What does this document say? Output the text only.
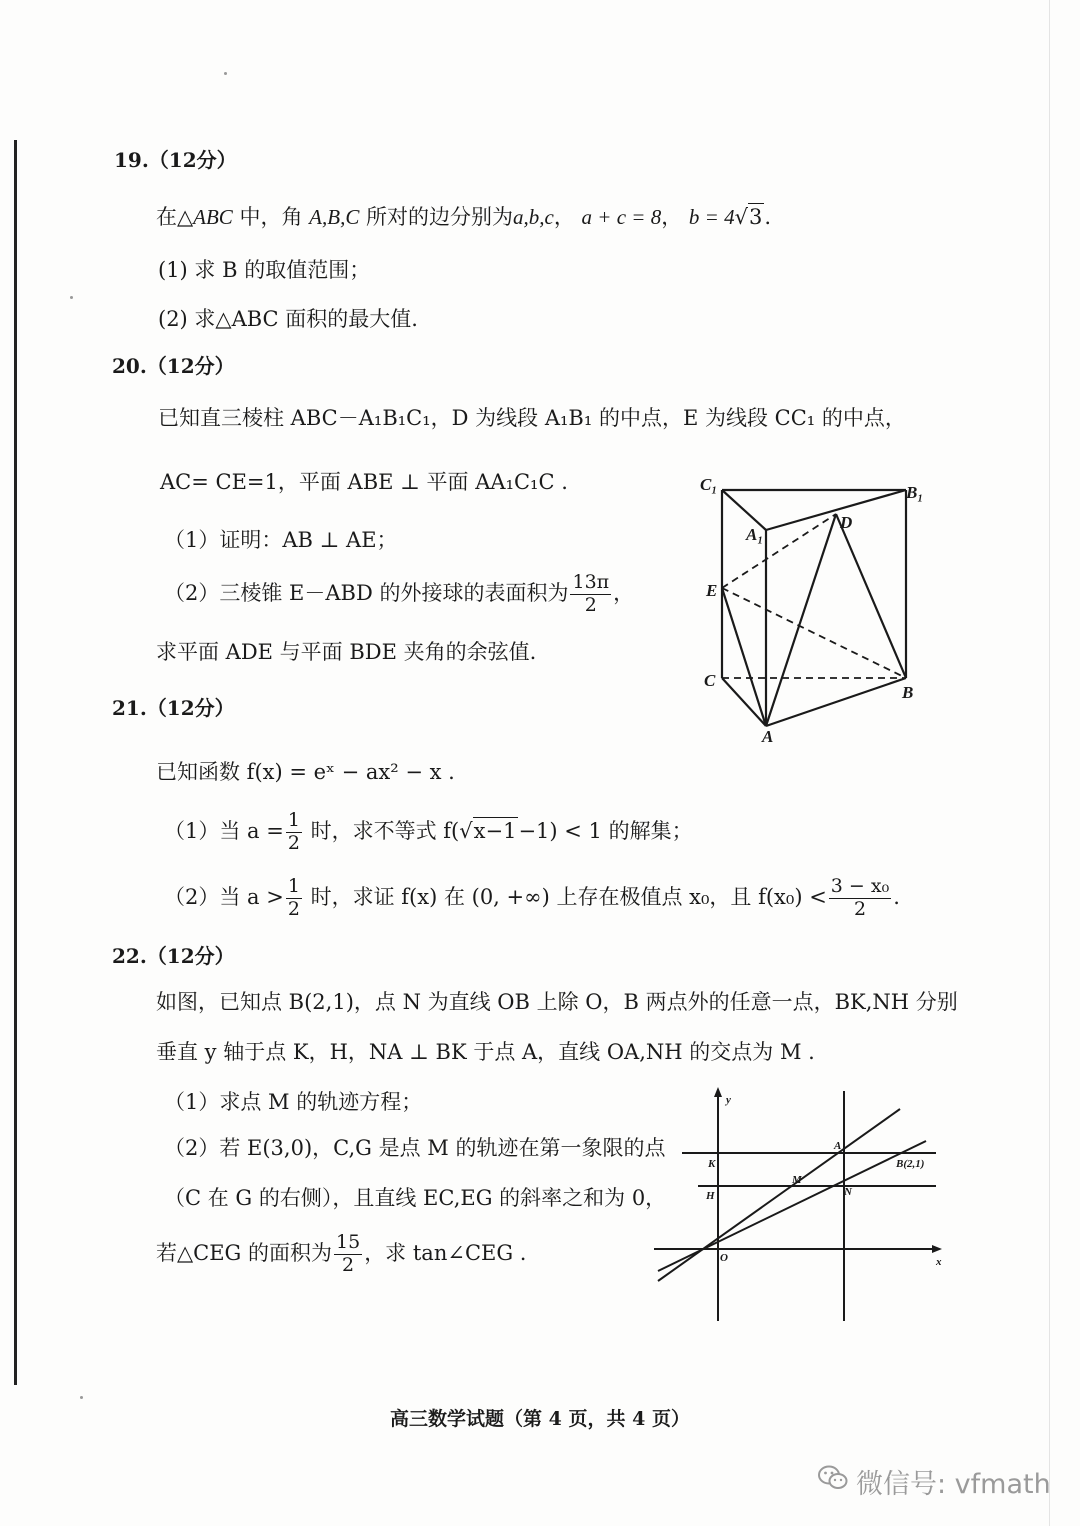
19.（12分）
在△ABC 中，角 A,B,C 所对的边分别为a,b,c， a + c = 8， b = 4√3.
(1) 求 B 的取值范围；
(2) 求△ABC 面积的最大值.
20.（12分）
已知直三棱柱 ABC－A₁B₁C₁，D 为线段 A₁B₁ 的中点，E 为线段 CC₁ 的中点，
AC= CE=1，平面 ABE ⊥ 平面 AA₁C₁C .
（1）证明：AB ⊥ AE；
（2）三棱锥 E－ABD 的外接球的表面积为 $\frac{13\pi}{2}$ ，
求平面 ADE 与平面 BDE 夹角的余弦值.
C₁	B₁
A₁
D
E
C
B
A
21.（12分）
已知函数 f(x) = eˣ − ax² − x .
（1）当 $a = \frac{1}{2}$ 时，求不等式 f(√x−1−1) < 1 的解集；
（2）当 $a > \frac{1}{2}$ 时，求证 f(x) 在 (0, +∞) 上存在极值点 x₀，且 $f(x_0) < \frac{\text{3 − x₀}}{2}$ .
22.（12分）
如图，已知点 B(2,1)，点 N 为直线 OB 上除 O，B 两点外的任意一点，BK,NH 分别
垂直 y 轴于点 K，H，NA ⊥ BK 于点 A，直线 OA,NH 的交点为 M .
（1）求点 M 的轨迹方程；
（2）若 E(3,0)，C,G 是点 M 的轨迹在第一象限的点
（C 在 G 的右侧），且直线 EC,EG 的斜率之和为 0，
若△CEG 的面积为 $\frac{15}{2}$ ，求 tan∠CEG .
y
A
K	B(2,1)
M
H	N
O	x
高三数学试题（第 4 页，共 4 页）
微信号: vfmath
